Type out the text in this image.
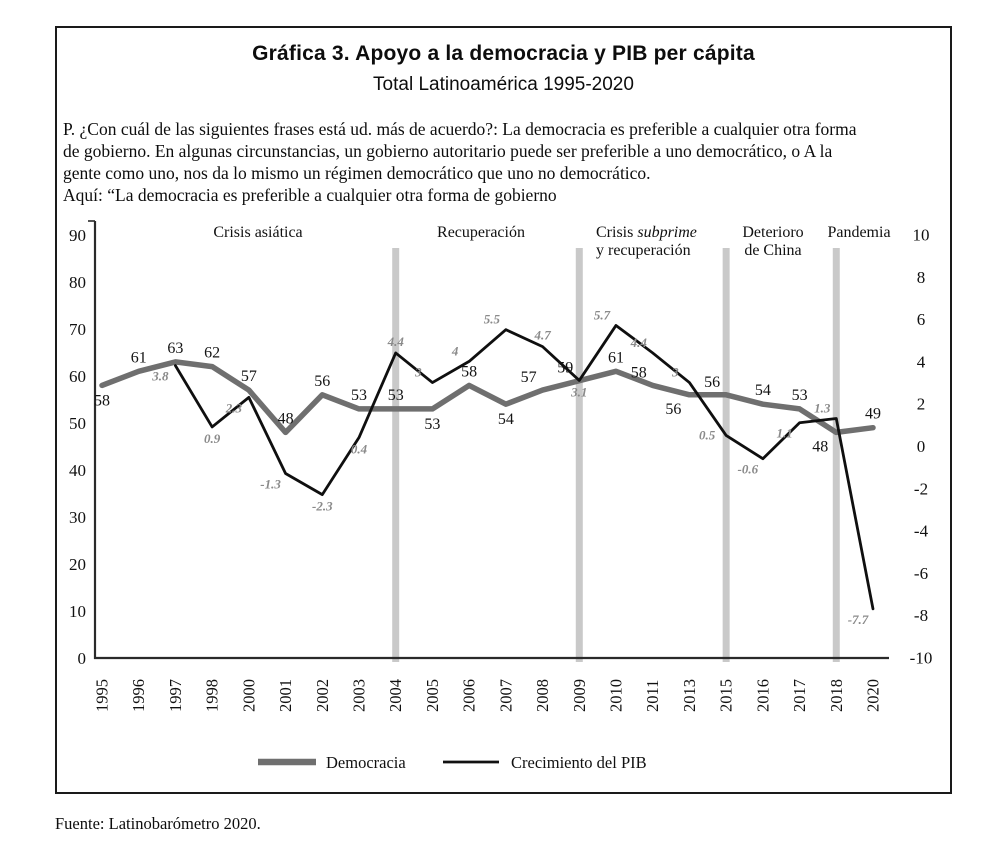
Gráfica 3. Apoyo a la democracia y PIB per cápita
Total Latinoamérica 1995-2020
P. ¿Con cuál de las siguientes frases está ud. más de acuerdo?: La democracia es preferible a cualquier otra forma
de gobierno. En algunas circunstancias, un gobierno autoritario puede ser preferible a uno democrático, o A la
gente como uno, nos da lo mismo un régimen democrático que uno no democrático.
Aquí: “La democracia es preferible a cualquier otra forma de gobierno
90
80
70
60
50
40
30
20
10
0
10
8
6
4
2
0
-2
-4
-6
-8
-10
1995 1996 1997 1998 2000 2001 2002 2003 2004 2005 2006 2007 2008 2009 2010 2011 2013 2015 2016 2017 2018 2020
58
61
63 62
57
48
56
53 53
53
58
54
57
59
61
58
56
56 54 53
48
49
3.8
0.9
2.3
-1.3
-2.3
0.4
4.4
3
4
5.5
4.7
3.1
5.7
4.4
3
0.5
-0.6
1.1
1.3
-7.7
Crisis asiática	Recuperación	Crisis subprime
y recuperación
Deterioro
de China
Pandemia
Democracia	Crecimiento del PIB
Fuente: Latinobarómetro 2020.
